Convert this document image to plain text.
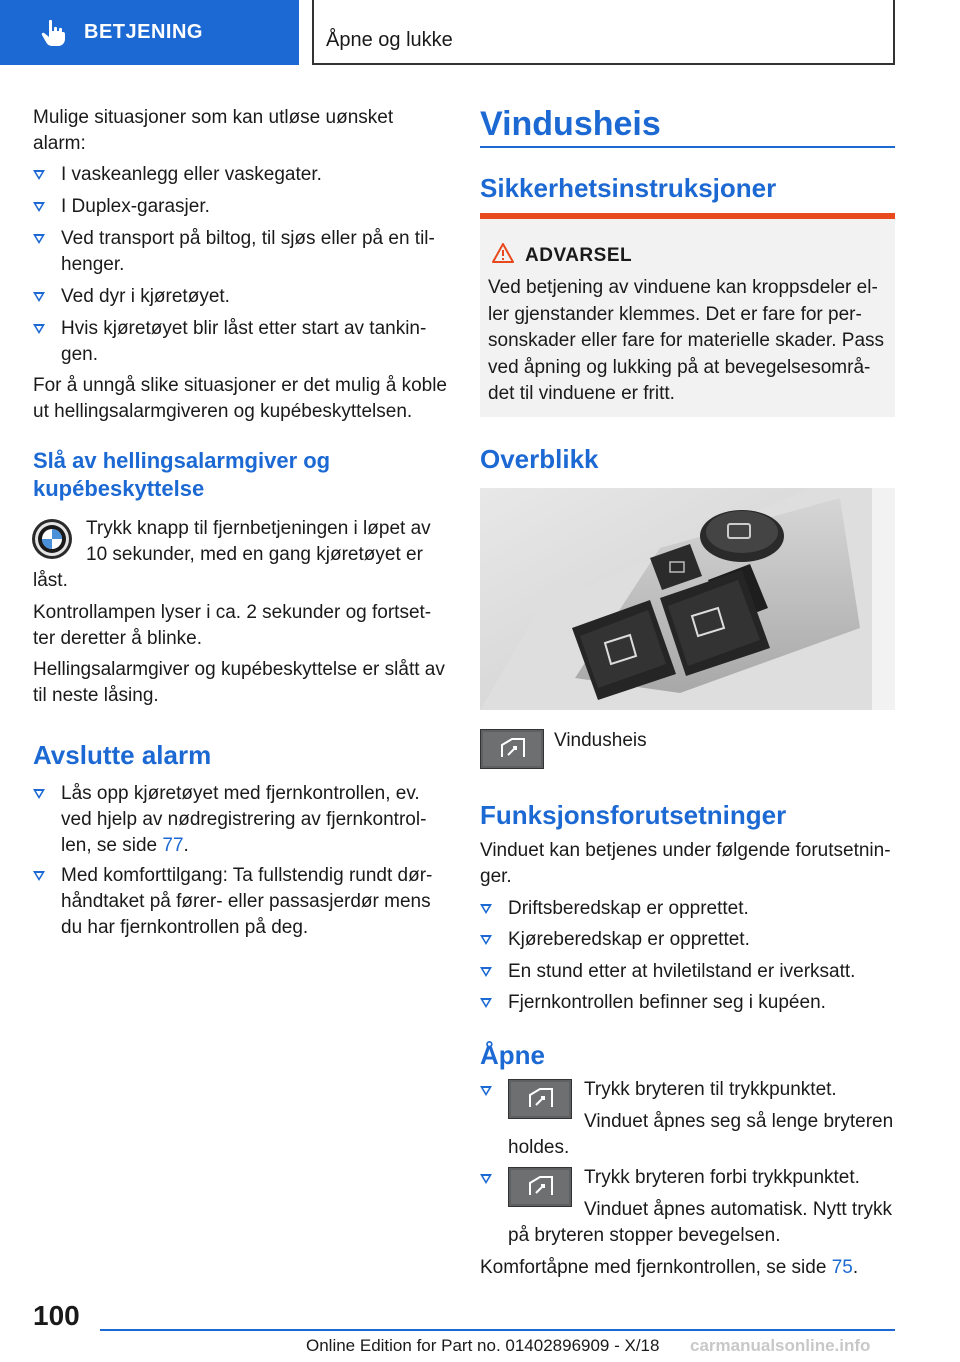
BETJENING	Åpne og lukke
Mulige situasjoner som kan utløse uønsket
alarm:
I vaskeanlegg eller vaskegater.
I Duplex-garasjer.
Ved transport på biltog, til sjøs eller på en til-
henger.
Ved dyr i kjøretøyet.
Hvis kjøretøyet blir låst etter start av tankin-
gen.
For å unngå slike situasjoner er det mulig å koble
ut hellingsalarmgiveren og kupébeskyttelsen.
Slå av hellingsalarmgiver og
kupébeskyttelse
Trykk knapp til fjernbetjeningen i løpet av
10 sekunder, med en gang kjøretøyet er
låst.
Kontrollampen lyser i ca. 2 sekunder og fortset-
ter deretter å blinke.
Hellingsalarmgiver og kupébeskyttelse er slått av
til neste låsing.
Avslutte alarm
Lås opp kjøretøyet med fjernkontrollen, ev.
ved hjelp av nødregistrering av fjernkontrol-
len, se side 77.
Med komforttilgang: Ta fullstendig rundt dør-
håndtaket på fører- eller passasjerdør mens
du har fjernkontrollen på deg.
Vindusheis
Sikkerhetsinstruksjoner
ADVARSEL
Ved betjening av vinduene kan kroppsdeler el-
ler gjenstander klemmes. Det er fare for per-
sonskader eller fare for materielle skader. Pass
ved åpning og lukking på at bevegelsesområ-
det til vinduene er fritt.
Overblikk
Vindusheis
Funksjonsforutsetninger
Vinduet kan betjenes under følgende forutsetnin-
ger.
Driftsberedskap er opprettet.
Kjøreberedskap er opprettet.
En stund etter at hviletilstand er iverksatt.
Fjernkontrollen befinner seg i kupéen.
Åpne
Trykk bryteren til trykkpunktet.
Vinduet åpnes seg så lenge bryteren
holdes.
Trykk bryteren forbi trykkpunktet.
Vinduet åpnes automatisk. Nytt trykk
på bryteren stopper bevegelsen.
Komfortåpne med fjernkontrollen, se side 75.
100
Online Edition for Part no. 01402896909 - X/18 carmanualsonline.info
